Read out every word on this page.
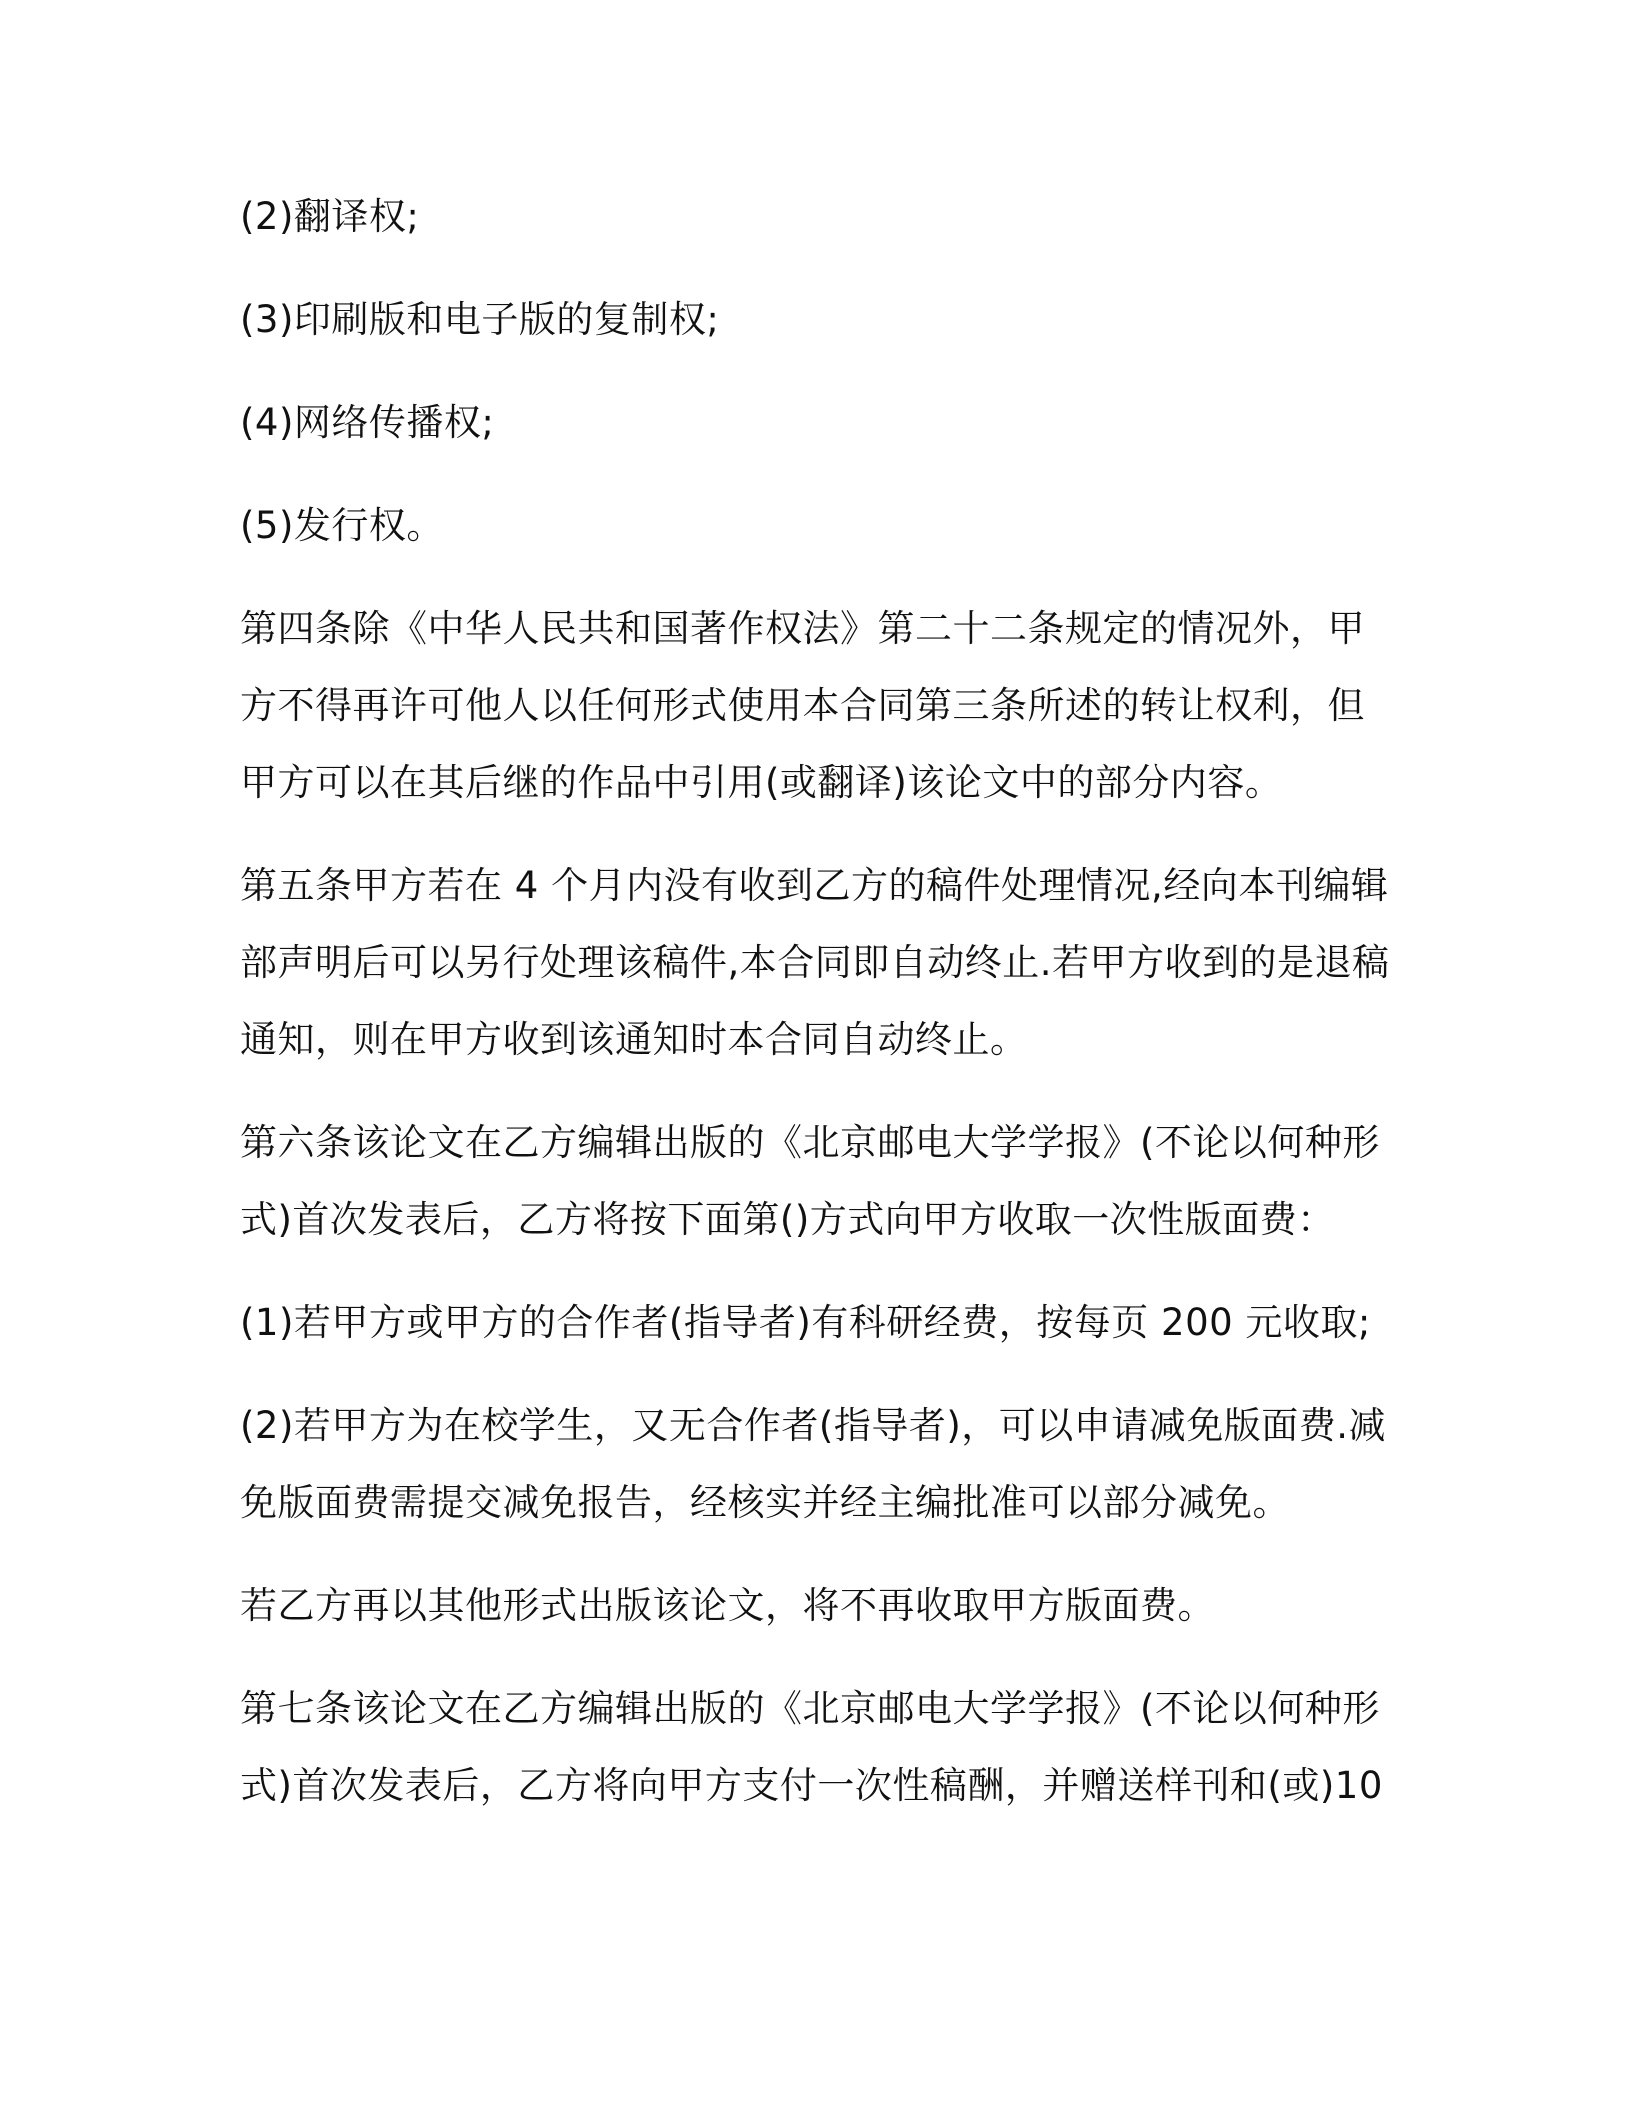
(2)翻译权;
(3)印刷版和电子版的复制权;
(4)网络传播权;
(5)发行权。
第四条除《中华人民共和国著作权法》第二十二条规定的情况外，甲
方不得再许可他人以任何形式使用本合同第三条所述的转让权利，但
甲方可以在其后继的作品中引用(或翻译)该论文中的部分内容。
第五条甲方若在 4 个月内没有收到乙方的稿件处理情况,经向本刊编辑
部声明后可以另行处理该稿件,本合同即自动终止.若甲方收到的是退稿
通知，则在甲方收到该通知时本合同自动终止。
第六条该论文在乙方编辑出版的《北京邮电大学学报》(不论以何种形
式)首次发表后，乙方将按下面第()方式向甲方收取一次性版面费：
(1)若甲方或甲方的合作者(指导者)有科研经费，按每页 200 元收取;
(2)若甲方为在校学生，又无合作者(指导者)，可以申请减免版面费.减
免版面费需提交减免报告，经核实并经主编批准可以部分减免。
若乙方再以其他形式出版该论文，将不再收取甲方版面费。
第七条该论文在乙方编辑出版的《北京邮电大学学报》(不论以何种形
式)首次发表后，乙方将向甲方支付一次性稿酬，并赠送样刊和(或)10
